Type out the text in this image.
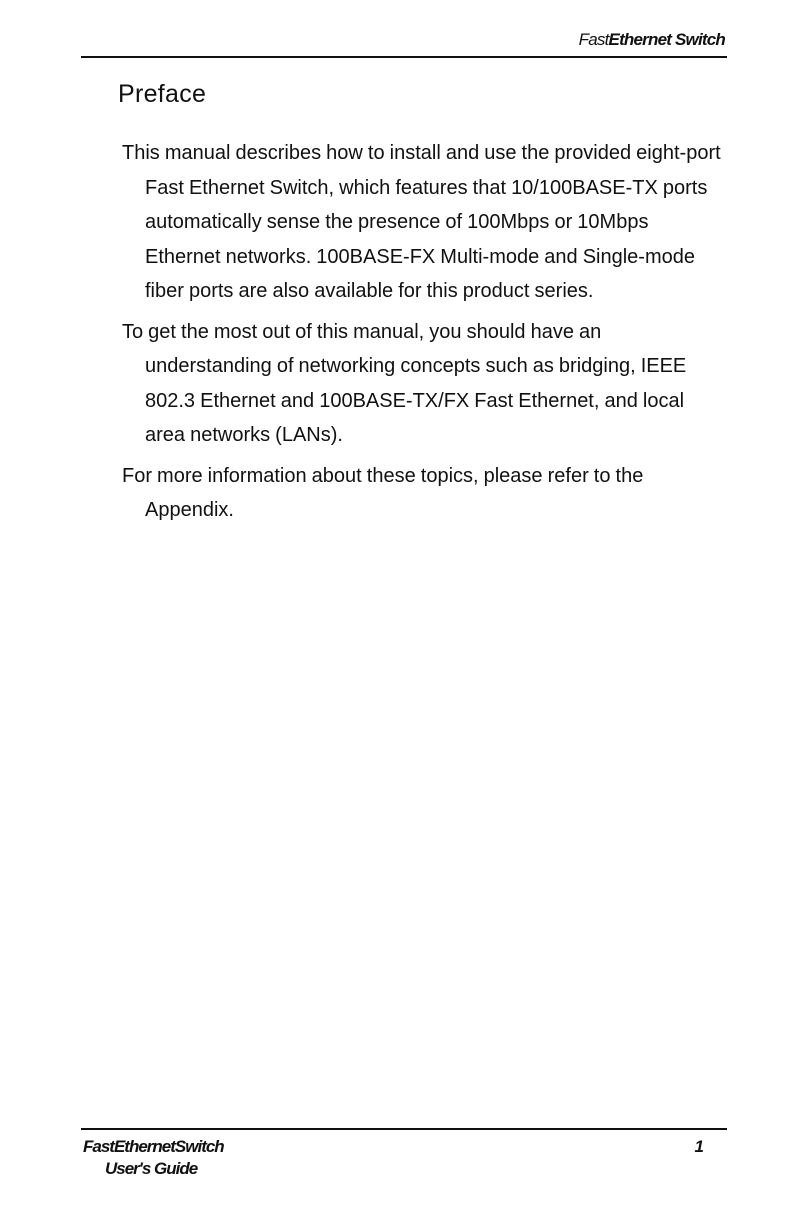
FastEthernet Switch
Preface

This manual describes how to install and use the provided eight-port Fast Ethernet Switch, which features that 10/100BASE-TX ports automatically sense the presence of 100Mbps or 10Mbps Ethernet networks. 100BASE-FX Multi-mode and Single-mode fiber ports are also available for this product series.

To get the most out of this manual, you should have an understanding of networking concepts such as bridging, IEEE 802.3 Ethernet and 100BASE-TX/FX Fast Ethernet, and local area networks (LANs).

For more information about these topics, please refer to the Appendix.

FastEthernetSwitch
User's Guide
1
